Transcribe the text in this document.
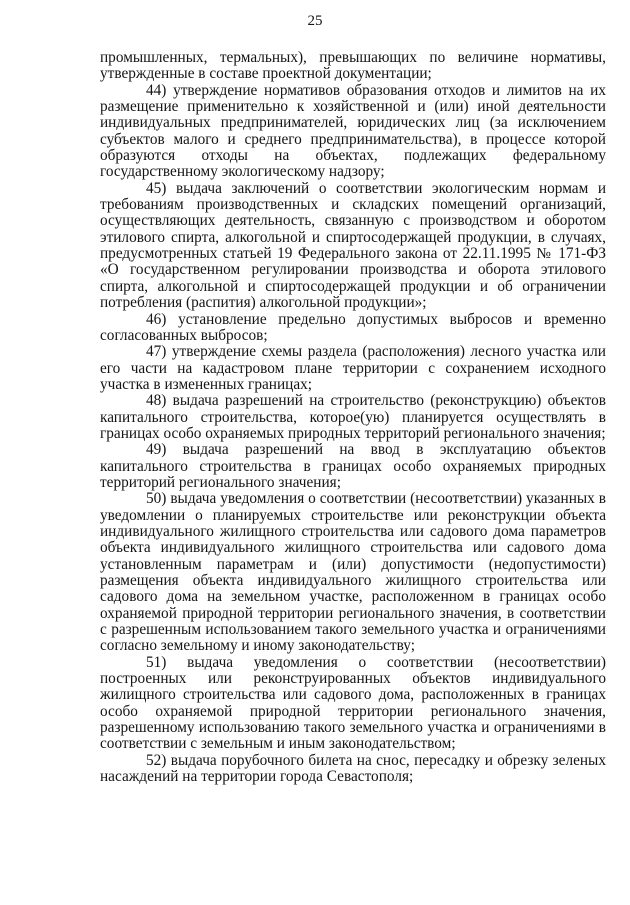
25

промышленных, термальных), превышающих по величине нормативы, утвержденные в составе проектной документации;

44) утверждение нормативов образования отходов и лимитов на их размещение применительно к хозяйственной и (или) иной деятельности индивидуальных предпринимателей, юридических лиц (за исключением субъектов малого и среднего предпринимательства), в процессе которой образуются отходы на объектах, подлежащих федеральному государственному экологическому надзору;

45) выдача заключений о соответствии экологическим нормам и требованиям производственных и складских помещений организаций, осуществляющих деятельность, связанную с производством и оборотом этилового спирта, алкогольной и спиртосодержащей продукции, в случаях, предусмотренных статьей 19 Федерального закона от 22.11.1995 № 171-ФЗ «О государственном регулировании производства и оборота этилового спирта, алкогольной и спиртосодержащей продукции и об ограничении потребления (распития) алкогольной продукции»;

46) установление предельно допустимых выбросов и временно согласованных выбросов;

47) утверждение схемы раздела (расположения) лесного участка или его части на кадастровом плане территории с сохранением исходного участка в измененных границах;

48) выдача разрешений на строительство (реконструкцию) объектов капитального строительства, которое(ую) планируется осуществлять в границах особо охраняемых природных территорий регионального значения;

49) выдача разрешений на ввод в эксплуатацию объектов капитального строительства в границах особо охраняемых природных территорий регионального значения;

50) выдача уведомления о соответствии (несоответствии) указанных в уведомлении о планируемых строительстве или реконструкции объекта индивидуального жилищного строительства или садового дома параметров объекта индивидуального жилищного строительства или садового дома установленным параметрам и (или) допустимости (недопустимости) размещения объекта индивидуального жилищного строительства или садового дома на земельном участке, расположенном в границах особо охраняемой природной территории регионального значения, в соответствии с разрешенным использованием такого земельного участка и ограничениями согласно земельному и иному законодательству;

51) выдача уведомления о соответствии (несоответствии) построенных или реконструированных объектов индивидуального жилищного строительства или садового дома, расположенных в границах особо охраняемой природной территории регионального значения, разрешенному использованию такого земельного участка и ограничениями в соответствии с земельным и иным законодательством;

52) выдача порубочного билета на снос, пересадку и обрезку зеленых насаждений на территории города Севастополя;
